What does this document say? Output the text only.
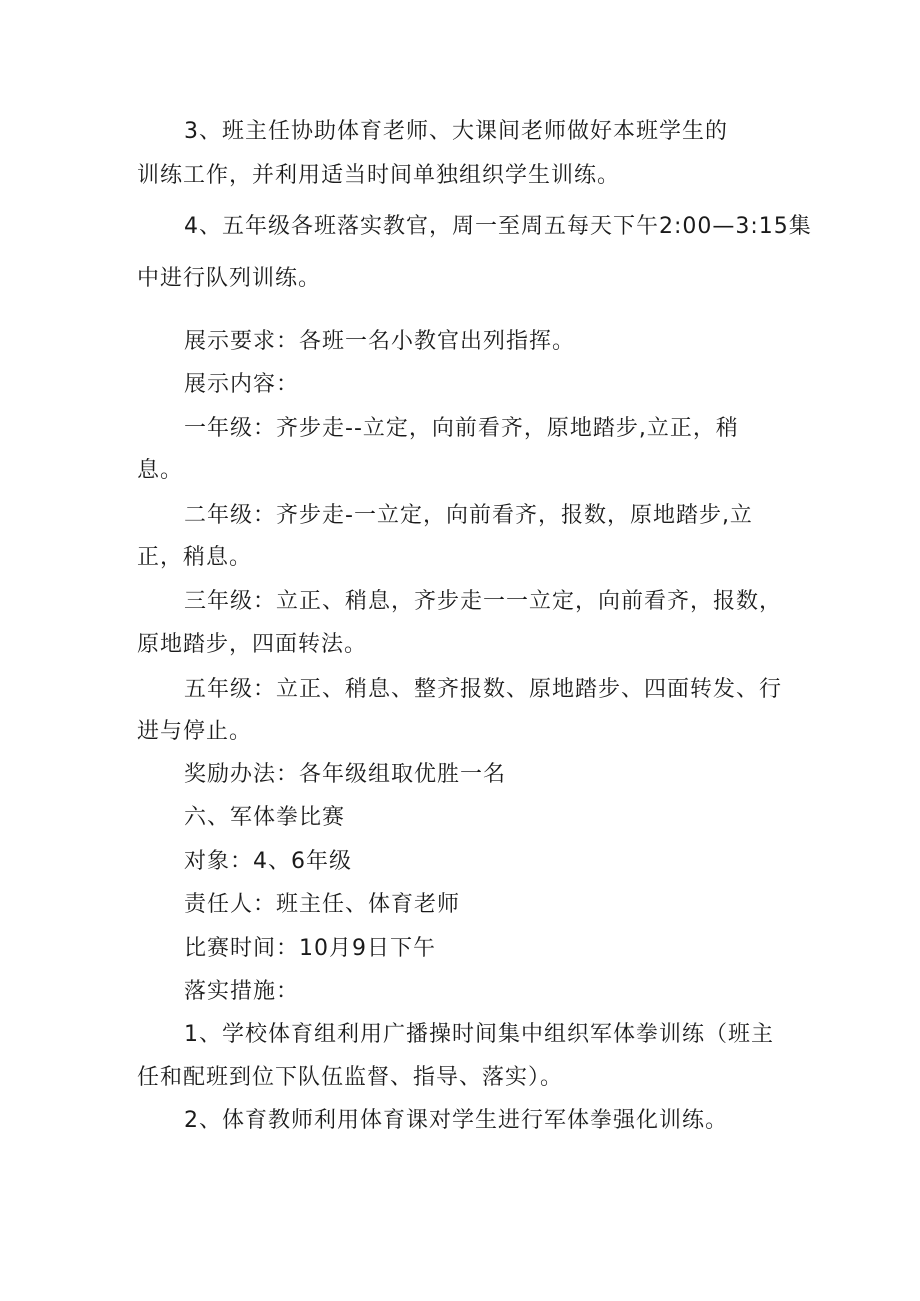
3、班主任协助体育老师、大课间老师做好本班学生的
训练工作，并利用适当时间单独组织学生训练。
4、五年级各班落实教官，周一至周五每天下午2:00—3:15集
中进行队列训练。
展示要求：各班一名小教官出列指挥。
展示内容：
一年级：齐步走--立定，向前看齐，原地踏步,立正，稍
息。
二年级：齐步走-一立定，向前看齐，报数，原地踏步,立
正，稍息。
三年级：立正、稍息，齐步走一一立定，向前看齐，报数，
原地踏步，四面转法。
五年级：立正、稍息、整齐报数、原地踏步、四面转发、行
进与停止。
奖励办法：各年级组取优胜一名
六、军体拳比赛
对象：4、6年级
责任人：班主任、体育老师
比赛时间：10月9日下午
落实措施：
1、学校体育组利用广播操时间集中组织军体拳训练（班主
任和配班到位下队伍监督、指导、落实）。
2、体育教师利用体育课对学生进行军体拳强化训练。
